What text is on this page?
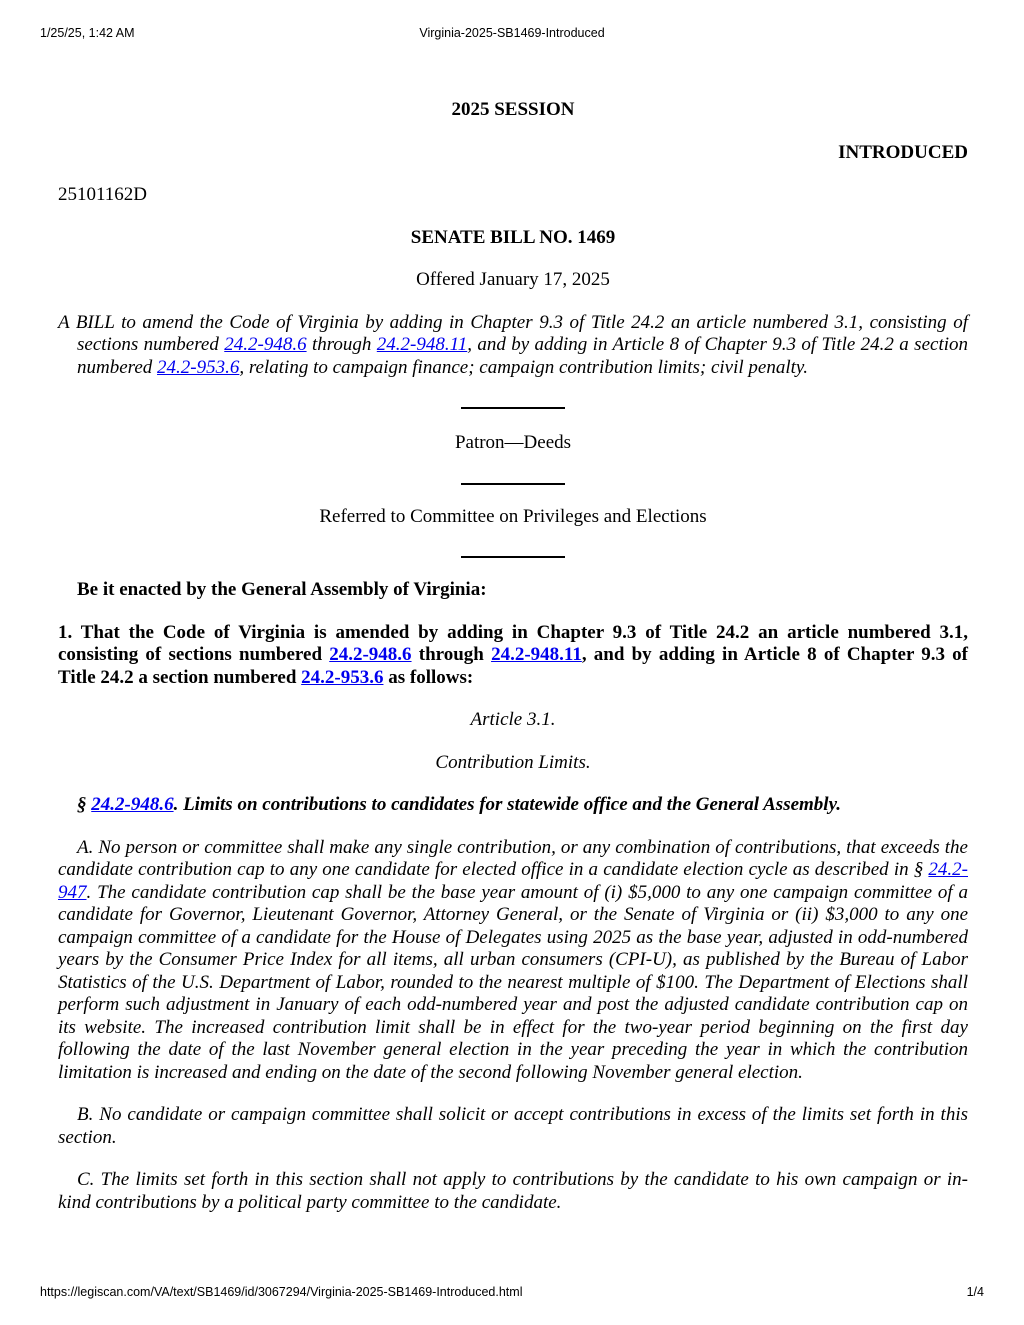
1/25/25, 1:42 AM	Virginia-2025-SB1469-Introduced

2025 SESSION

INTRODUCED

25101162D

SENATE BILL NO. 1469

Offered January 17, 2025

A BILL to amend the Code of Virginia by adding in Chapter 9.3 of Title 24.2 an article numbered 3.1, consisting of sections numbered 24.2-948.6 through 24.2-948.11, and by adding in Article 8 of Chapter 9.3 of Title 24.2 a section numbered 24.2-953.6, relating to campaign finance; campaign contribution limits; civil penalty.

Patron—Deeds

Referred to Committee on Privileges and Elections

Be it enacted by the General Assembly of Virginia:

1. That the Code of Virginia is amended by adding in Chapter 9.3 of Title 24.2 an article numbered 3.1, consisting of sections numbered 24.2-948.6 through 24.2-948.11, and by adding in Article 8 of Chapter 9.3 of Title 24.2 a section numbered 24.2-953.6 as follows:

Article 3.1.

Contribution Limits.

§ 24.2-948.6. Limits on contributions to candidates for statewide office and the General Assembly.

A. No person or committee shall make any single contribution, or any combination of contributions, that exceeds the candidate contribution cap to any one candidate for elected office in a candidate election cycle as described in § 24.2-947. The candidate contribution cap shall be the base year amount of (i) $5,000 to any one campaign committee of a candidate for Governor, Lieutenant Governor, Attorney General, or the Senate of Virginia or (ii) $3,000 to any one campaign committee of a candidate for the House of Delegates using 2025 as the base year, adjusted in odd-numbered years by the Consumer Price Index for all items, all urban consumers (CPI-U), as published by the Bureau of Labor Statistics of the U.S. Department of Labor, rounded to the nearest multiple of $100. The Department of Elections shall perform such adjustment in January of each odd-numbered year and post the adjusted candidate contribution cap on its website. The increased contribution limit shall be in effect for the two-year period beginning on the first day following the date of the last November general election in the year preceding the year in which the contribution limitation is increased and ending on the date of the second following November general election.

B. No candidate or campaign committee shall solicit or accept contributions in excess of the limits set forth in this section.

C. The limits set forth in this section shall not apply to contributions by the candidate to his own campaign or in-kind contributions by a political party committee to the candidate.

https://legiscan.com/VA/text/SB1469/id/3067294/Virginia-2025-SB1469-Introduced.html	1/4
